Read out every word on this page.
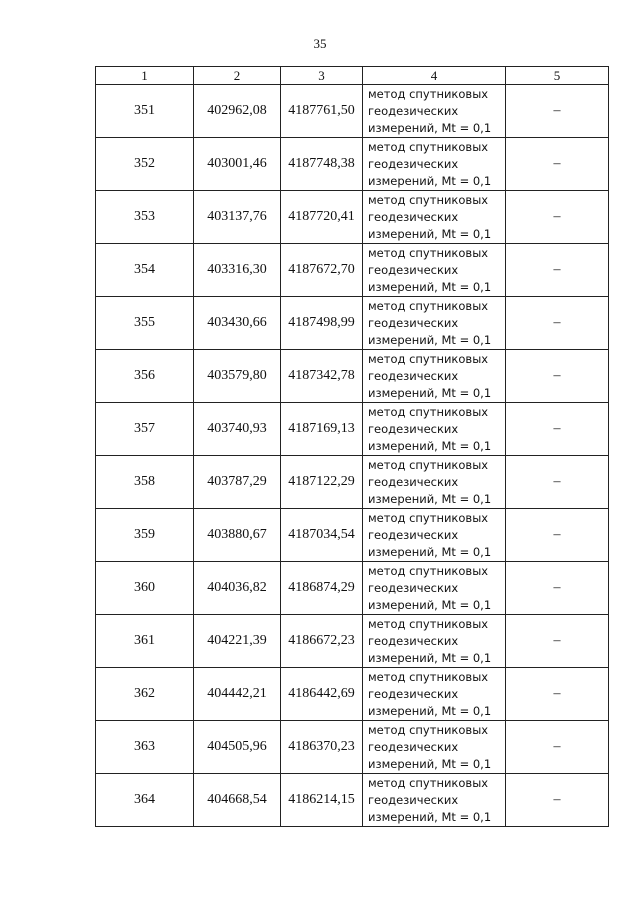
35
1	2	3	4	5
351	402962,08	4187761,50	метод спутниковых
геодезических
измерений, Mt = 0,1	–
352	403001,46	4187748,38	метод спутниковых
геодезических
измерений, Mt = 0,1	–
353	403137,76	4187720,41	метод спутниковых
геодезических
измерений, Mt = 0,1	–
354	403316,30	4187672,70	метод спутниковых
геодезических
измерений, Mt = 0,1	–
355	403430,66	4187498,99	метод спутниковых
геодезических
измерений, Mt = 0,1	–
356	403579,80	4187342,78	метод спутниковых
геодезических
измерений, Mt = 0,1	–
357	403740,93	4187169,13	метод спутниковых
геодезических
измерений, Mt = 0,1	–
358	403787,29	4187122,29	метод спутниковых
геодезических
измерений, Mt = 0,1	–
359	403880,67	4187034,54	метод спутниковых
геодезических
измерений, Mt = 0,1	–
360	404036,82	4186874,29	метод спутниковых
геодезических
измерений, Mt = 0,1	–
361	404221,39	4186672,23	метод спутниковых
геодезических
измерений, Mt = 0,1	–
362	404442,21	4186442,69	метод спутниковых
геодезических
измерений, Mt = 0,1	–
363	404505,96	4186370,23	метод спутниковых
геодезических
измерений, Mt = 0,1	–
364	404668,54	4186214,15	метод спутниковых
геодезических
измерений, Mt = 0,1	–
